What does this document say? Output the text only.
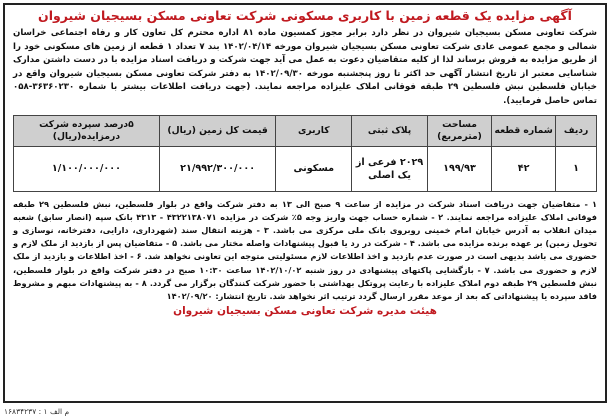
آگهی مزایده یک قطعه زمین با کاربری مسکونی شرکت تعاونی مسکن بسیجیان شیروان

شرکت تعاونی مسکن بسیجیان شیروان در نظر دارد برابر مجوز کمسیون ماده ۸۱ اداره محترم کل تعاون کار و رفاه اجتماعی خراسان شمالی و مجمع عمومی عادی شرکت تعاونی مسکن بسیجیان شیروان مورخه ۱۴۰۲/۰۴/۱۴ بند ۷ تعداد ۱ قطعه از زمین های مسکونی خود را از طریق مزایده به فروش برساند لذا از کلیه متقاضیان دعوت به عمل می آید جهت شرکت و دریافت اسناد مزایده با در دست داشتن مدارک شناسایی معتبر از تاریخ انتشار آگهی حد اکثر تا روز پنجشنبه مورخه ۱۴۰۲/۰۹/۳۰ به دفتر شرکت تعاونی مسکن بسیجیان شیروان واقع در خیابان فلسطین نبش فلسطین ۲۹ طبقه فوقانی املاک علیزاده مراجعه نمایند. (جهت دریافت اطلاعات بیشتر با شماره ۳۶۳۶۰۲۳۰-۰۵۸ تماس حاصل فرمایید).

ردیف	شماره قطعه	مساحت (مترمربع)	پلاک ثبتی	کاربری	قیمت کل زمین (ریال)	۵درصد سپرده شرکت درمزایده(ریال)
۱	۴۲	۱۹۹/۹۳	۲۰۲۹ فرعی از یک اصلی	مسکونی	۲۱/۹۹۲/۳۰۰/۰۰۰	۱/۱۰۰/۰۰۰/۰۰۰

۱ - متقاضیان جهت دریافت اسناد شرکت در مزایده از ساعت ۹ صبح الی ۱۳ به دفتر شرکت واقع در بلوار فلسطین، نبش فلسطین ۲۹ طبقه فوقانی املاک علیزاده مراجعه نمایند. ۲ - شماره حساب جهت واریز وجه ۵٪ شرکت در مزایده ۴۳۲۲۱۳۸۰۷۱ - ۴۳۱۳ بانک سپه (انصار سابق) شعبه میدان انقلاب به آدرس خیابان امام خمینی روبروی بانک ملی مرکزی می باشد. ۳ - هزینه انتقال سند (شهرداری، دارایی، دفترخانه، نوسازی و تحویل زمین) بر عهده برنده مزایده می باشد. ۴ - شرکت در رد یا قبول پیشنهادات واصله مختار می باشد. ۵ - متقاضیان پس از بازدید از ملک لازم و حضوری می باشد بدیهی است در صورت عدم بازدید و اخذ اطلاعات لازم مسئولیتی متوجه این تعاونی نخواهد شد. ۶ - اخذ اطلاعات و بازدید از ملک لازم و حضوری می باشد. ۷ - بازگشایی پاکتهای پیشنهادی در روز شنبه ۱۴۰۲/۱۰/۰۲ ساعت ۱۰:۳۰ صبح در دفتر شرکت واقع در بلوار فلسطین، نبش فلسطین ۲۹ طبقه دوم املاک علیزاده با رعایت پروتکل بهداشتی با حضور شرکت کنندگان برگزار می گردد. ۸ - به پیشنهادات مبهم و مشروط فاقد سپرده یا پیشنهاداتی که بعد از موعد مقرر ارسال گردد ترتیب اثر نخواهد شد. تاریخ انتشار: ۱۴۰۲/۰۹/۲۰

هیئت مدیره شرکت تعاونی مسکن بسیجیان شیروان
۱۶۸۳۴۲۳۷ : ۱ م الف
